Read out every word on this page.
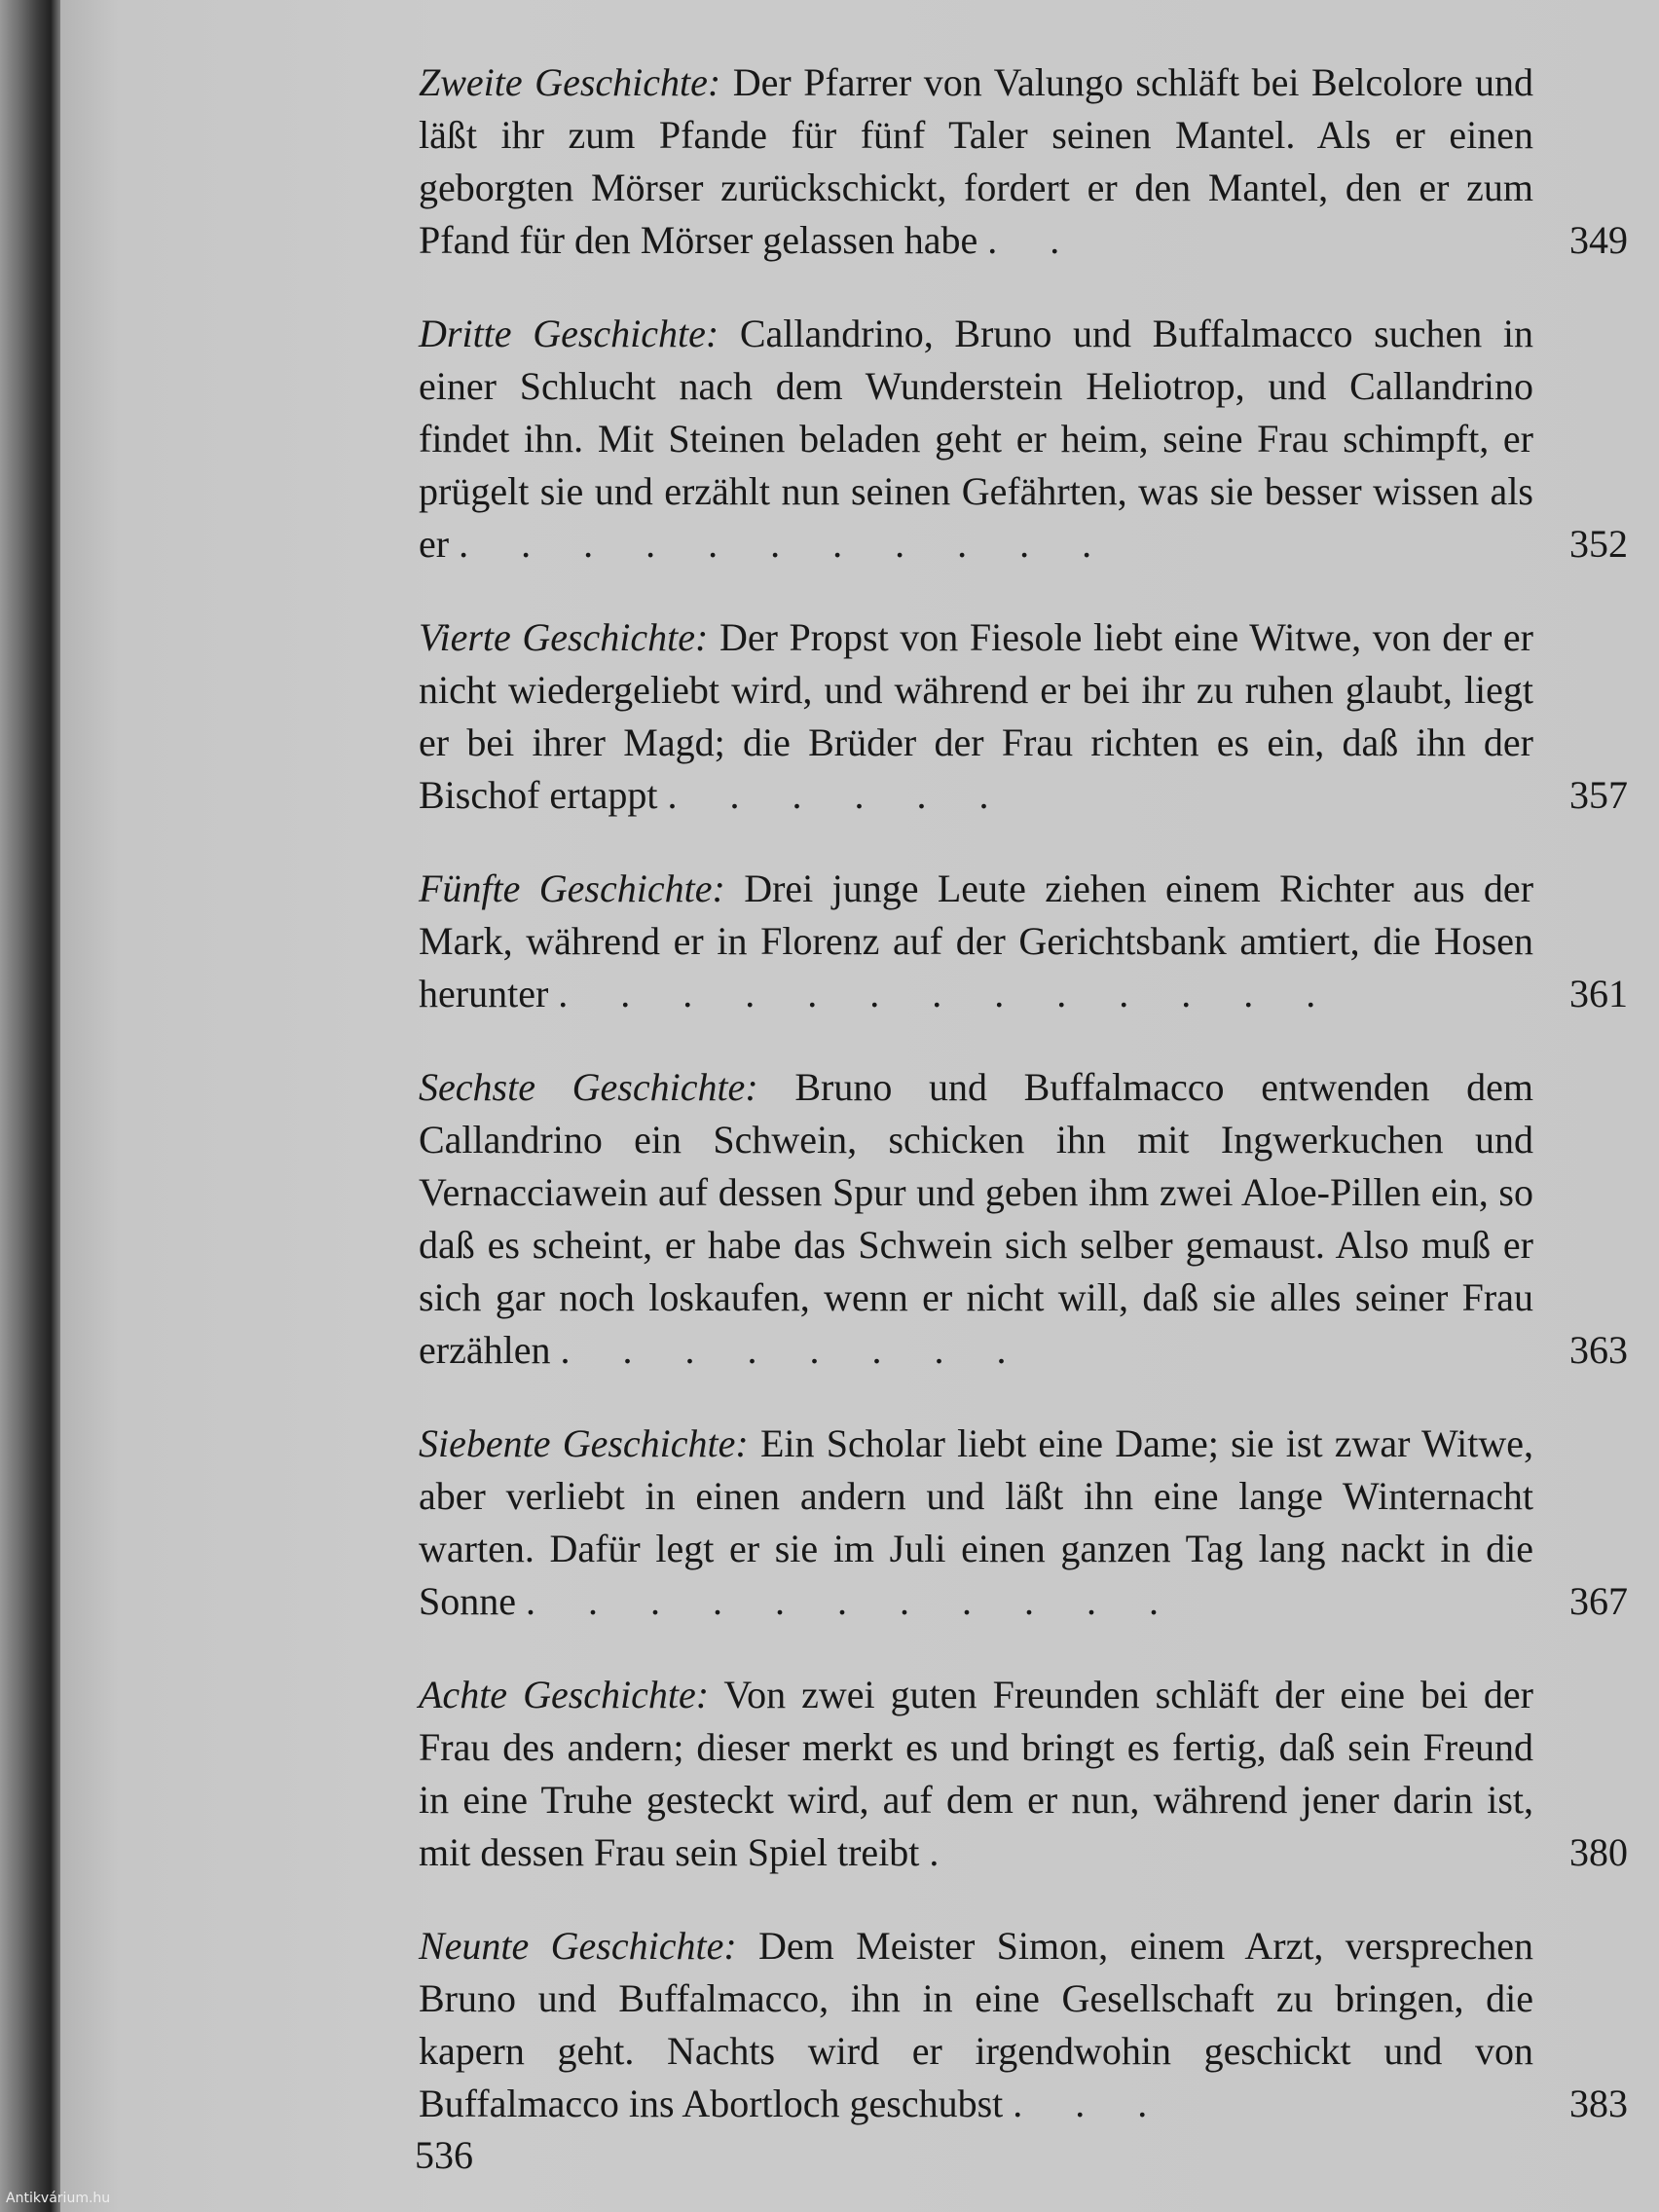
Zweite Geschichte: Der Pfarrer von Valungo schläft bei Belcolore und läßt ihr zum Pfande für fünf Taler seinen Mantel. Als er einen geborgten Mörser zurückschickt, fordert er den Mantel, den er zum Pfand für den Mörser gelassen habe . .	349
Dritte Geschichte: Callandrino, Bruno und Buffalmacco suchen in einer Schlucht nach dem Wunderstein Heliotrop, und Callandrino findet ihn. Mit Steinen beladen geht er heim, seine Frau schimpft, er prügelt sie und erzählt nun seinen Gefährten, was sie besser wissen als er . . . . . . . . . . .	352
Vierte Geschichte: Der Propst von Fiesole liebt eine Witwe, von der er nicht wiedergeliebt wird, und während er bei ihr zu ruhen glaubt, liegt er bei ihrer Magd; die Brüder der Frau richten es ein, daß ihn der Bischof ertappt . . . . . .	357
Fünfte Geschichte: Drei junge Leute ziehen einem Richter aus der Mark, während er in Florenz auf der Gerichtsbank amtiert, die Hosen herunter . . . . . . . . . . . . .	361
Sechste Geschichte: Bruno und Buffalmacco entwenden dem Callandrino ein Schwein, schicken ihn mit Ingwerkuchen und Vernacciawein auf dessen Spur und geben ihm zwei Aloe-Pillen ein, so daß es scheint, er habe das Schwein sich selber gemaust. Also muß er sich gar noch loskaufen, wenn er nicht will, daß sie alles seiner Frau erzählen . . . . . . . .	363
Siebente Geschichte: Ein Scholar liebt eine Dame; sie ist zwar Witwe, aber verliebt in einen andern und läßt ihn eine lange Winternacht warten. Dafür legt er sie im Juli einen ganzen Tag lang nackt in die Sonne . . . . . . . . . . .	367
Achte Geschichte: Von zwei guten Freunden schläft der eine bei der Frau des andern; dieser merkt es und bringt es fertig, daß sein Freund in eine Truhe gesteckt wird, auf dem er nun, während jener darin ist, mit dessen Frau sein Spiel treibt .	380
Neunte Geschichte: Dem Meister Simon, einem Arzt, versprechen Bruno und Buffalmacco, ihn in eine Gesellschaft zu bringen, die kapern geht. Nachts wird er irgendwohin geschickt und von Buffalmacco ins Abortloch geschubst . . .	383
536
Antikvárium.hu
